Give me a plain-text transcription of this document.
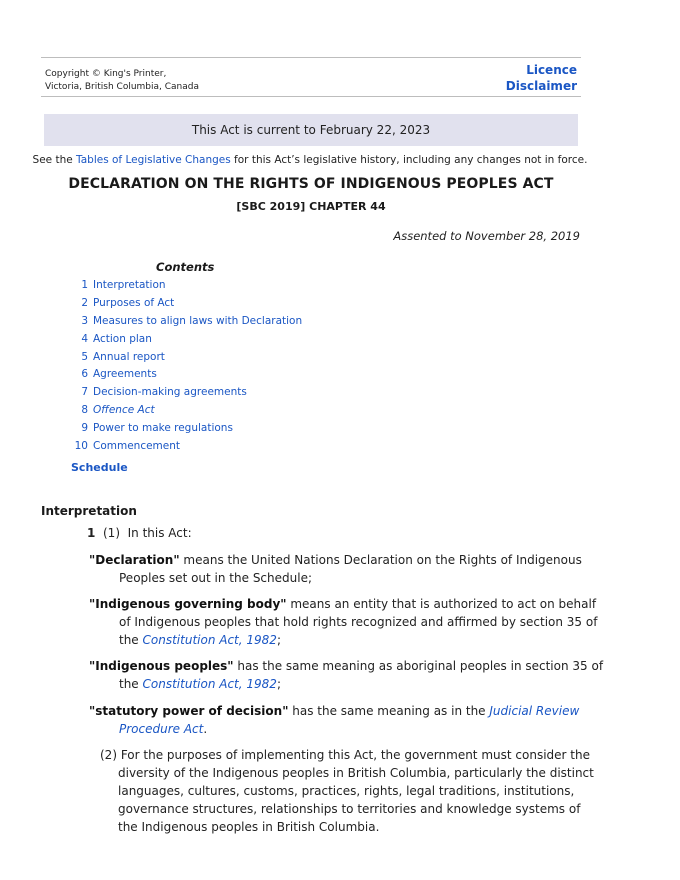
Copyright © King's Printer,
Victoria, British Columbia, Canada
Licence
Disclaimer
This Act is current to February 22, 2023
See the Tables of Legislative Changes for this Act’s legislative history, including any changes not in force.
DECLARATION ON THE RIGHTS OF INDIGENOUS PEOPLES ACT
[SBC 2019] CHAPTER 44
Assented to November 28, 2019
Contents
1 Interpretation
2 Purposes of Act
3 Measures to align laws with Declaration
4 Action plan
5 Annual report
6 Agreements
7 Decision-making agreements
8 Offence Act
9 Power to make regulations
10 Commencement
Schedule
Interpretation
1 (1) In this Act:
"Declaration" means the United Nations Declaration on the Rights of Indigenous Peoples set out in the Schedule;
"Indigenous governing body" means an entity that is authorized to act on behalf of Indigenous peoples that hold rights recognized and affirmed by section 35 of the Constitution Act, 1982;
"Indigenous peoples" has the same meaning as aboriginal peoples in section 35 of the Constitution Act, 1982;
"statutory power of decision" has the same meaning as in the Judicial Review Procedure Act.
(2) For the purposes of implementing this Act, the government must consider the diversity of the Indigenous peoples in British Columbia, particularly the distinct languages, cultures, customs, practices, rights, legal traditions, institutions, governance structures, relationships to territories and knowledge systems of the Indigenous peoples in British Columbia.
